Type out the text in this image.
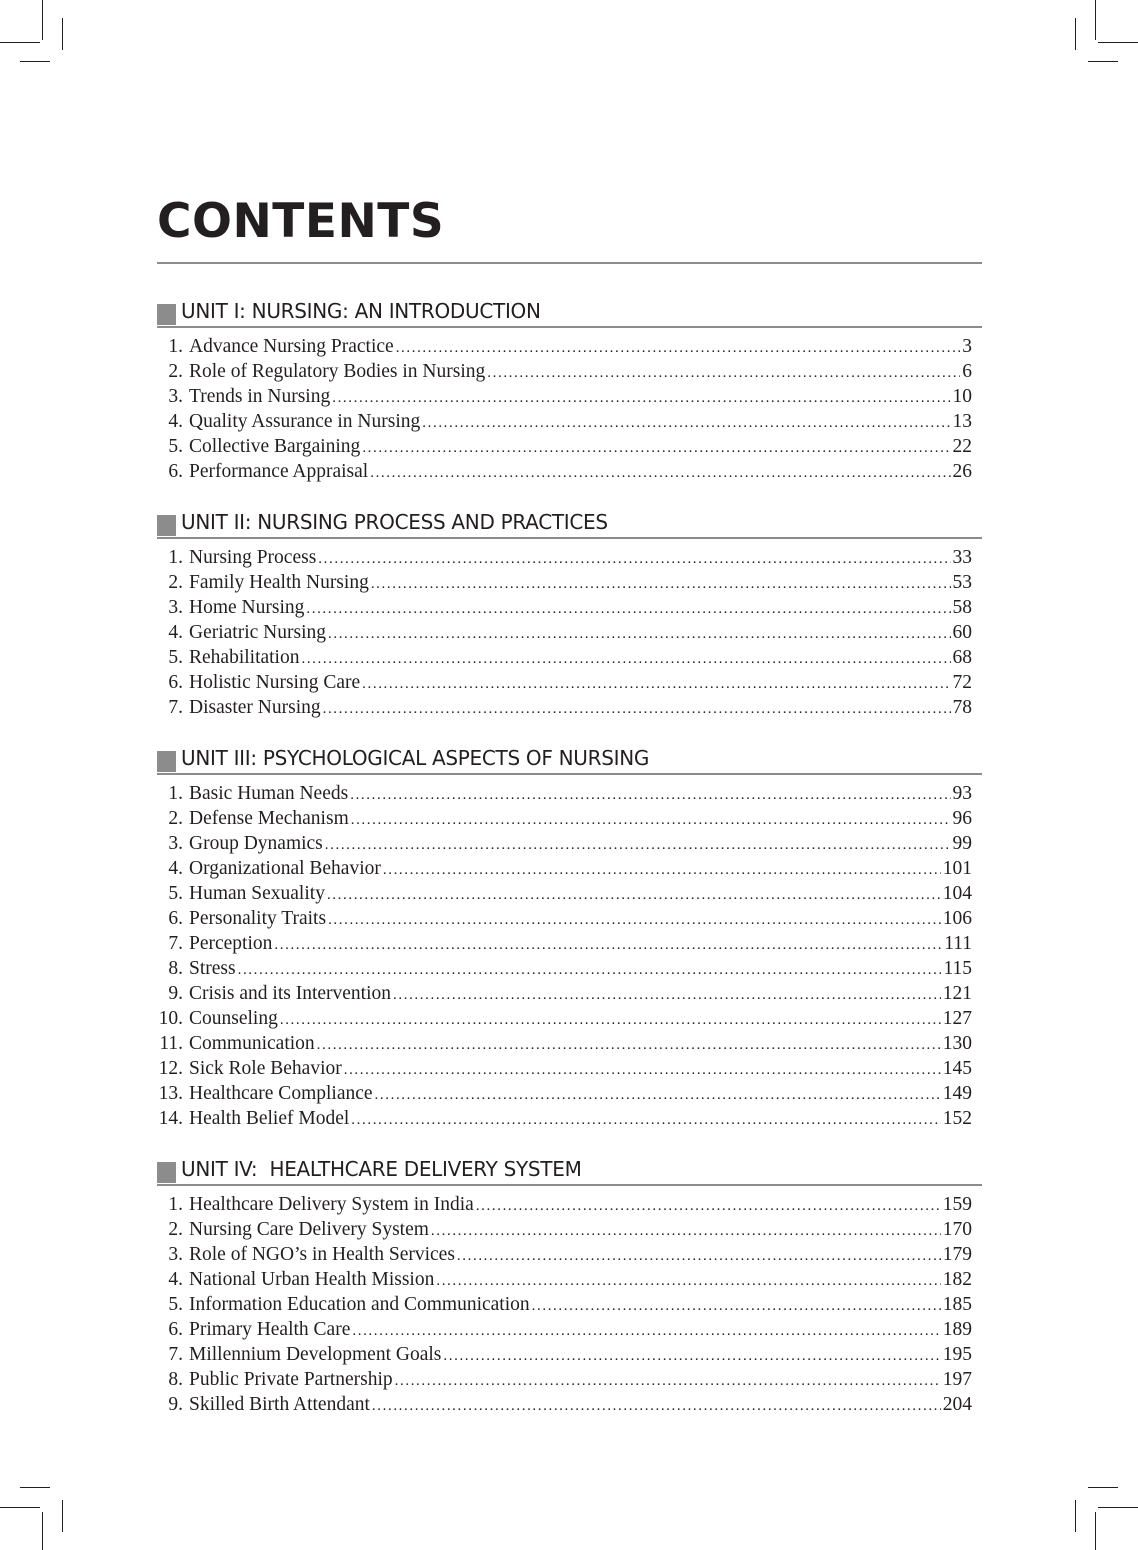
CONTENTS
UNIT I: NURSING: AN INTRODUCTION
1. Advance Nursing Practice .....	3
2. Role of Regulatory Bodies in Nursing .....	6
3. Trends in Nursing .....	10
4. Quality Assurance in Nursing .....	13
5. Collective Bargaining .....	22
6. Performance Appraisal .....	26
UNIT II: NURSING PROCESS AND PRACTICES
1. Nursing Process .....	33
2. Family Health Nursing .....	53
3. Home Nursing .....	58
4. Geriatric Nursing .....	60
5. Rehabilitation .....	68
6. Holistic Nursing Care .....	72
7. Disaster Nursing .....	78
UNIT III: PSYCHOLOGICAL ASPECTS OF NURSING
1. Basic Human Needs .....	93
2. Defense Mechanism .....	96
3. Group Dynamics .....	99
4. Organizational Behavior .....	101
5. Human Sexuality .....	104
6. Personality Traits .....	106
7. Perception .....	111
8. Stress .....	115
9. Crisis and its Intervention .....	121
10. Counseling .....	127
11. Communication .....	130
12. Sick Role Behavior .....	145
13. Healthcare Compliance .....	149
14. Health Belief Model .....	152
UNIT IV:  HEALTHCARE DELIVERY SYSTEM
1. Healthcare Delivery System in India .....	159
2. Nursing Care Delivery System .....	170
3. Role of NGO’s in Health Services .....	179
4. National Urban Health Mission .....	182
5. Information Education and Communication .....	185
6. Primary Health Care .....	189
7. Millennium Development Goals .....	195
8. Public Private Partnership .....	197
9. Skilled Birth Attendant .....	204
